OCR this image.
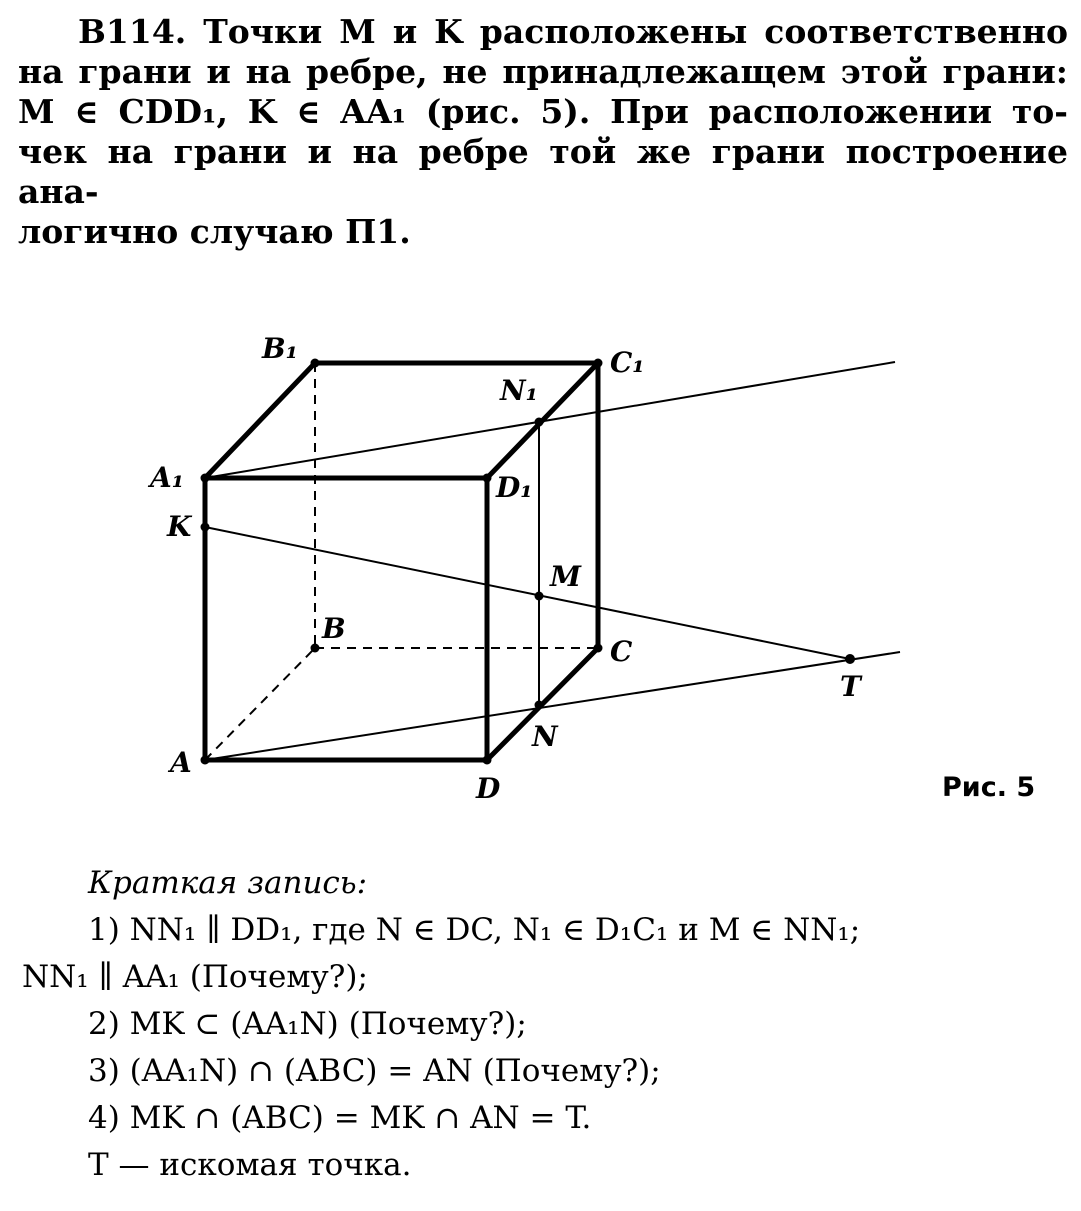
В114. Точки M и K расположены соответственно
на грани и на ребре, не принадлежащем этой грани:
M ∈ CDD₁, K ∈ AA₁ (рис. 5). При расположении то-
чек на грани и на ребре той же грани построение ана-
логично случаю П1.
B₁	C₁
N₁
A₁	D₁
K
M
B
C
T
N
A
D	Рис. 5
Краткая запись:
1) NN₁ ∥ DD₁, где N ∈ DC, N₁ ∈ D₁C₁ и M ∈ NN₁;
NN₁ ∥ AA₁ (Почему?);
2) MK ⊂ (AA₁N) (Почему?);
3) (AA₁N) ∩ (ABC) = AN (Почему?);
4) MK ∩ (ABC) = MK ∩ AN = T.
T — искомая точка.
